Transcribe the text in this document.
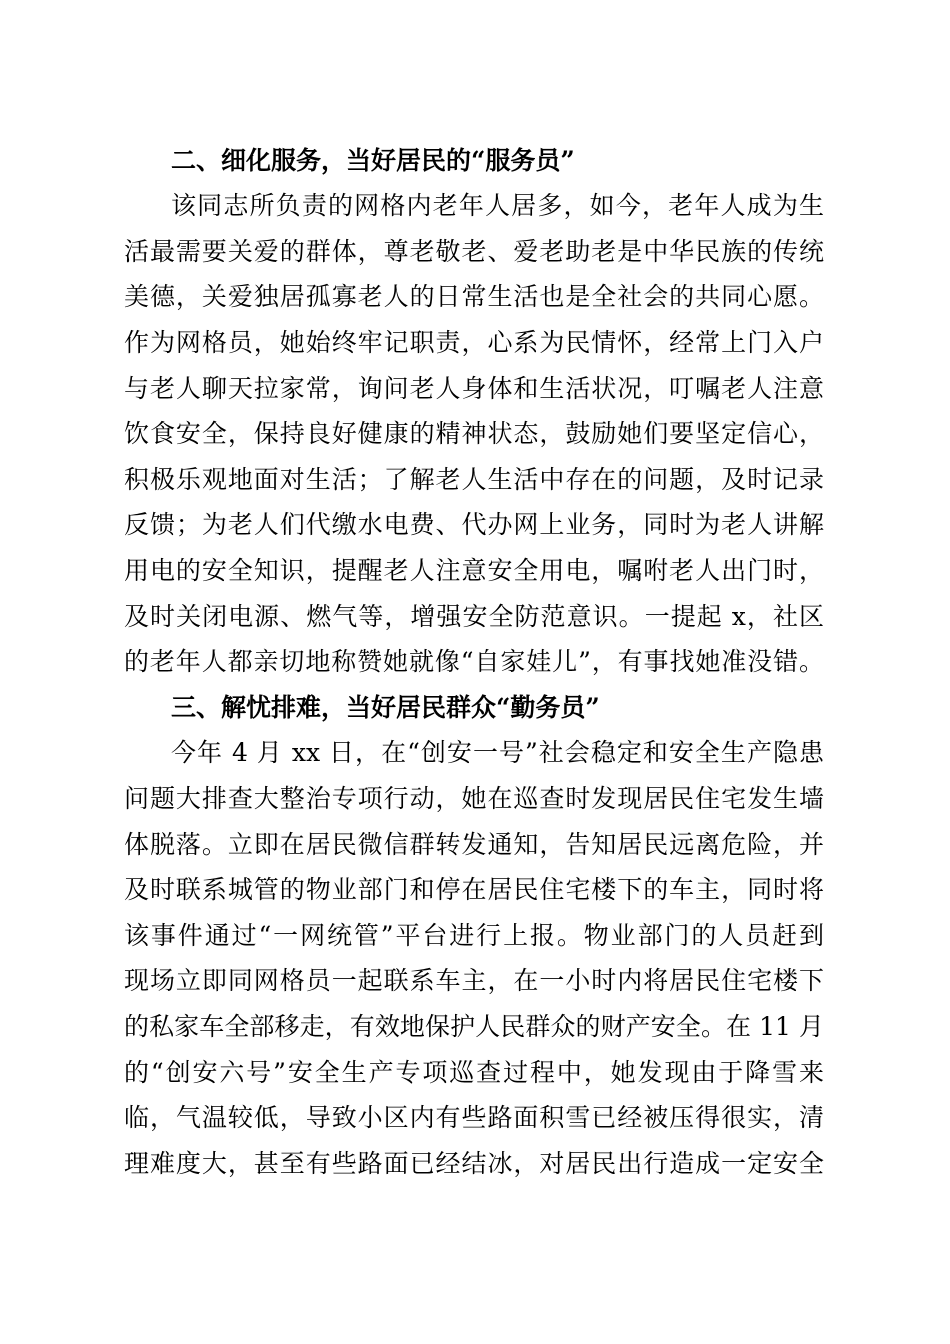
二、细化服务，当好居民的“服务员”
该同志所负责的网格内老年人居多，如今，老年人成为生
活最需要关爱的群体，尊老敬老、爱老助老是中华民族的传统
美德，关爱独居孤寡老人的日常生活也是全社会的共同心愿。
作为网格员，她始终牢记职责，心系为民情怀，经常上门入户
与老人聊天拉家常，询问老人身体和生活状况，叮嘱老人注意
饮食安全，保持良好健康的精神状态，鼓励她们要坚定信心，
积极乐观地面对生活；了解老人生活中存在的问题，及时记录
反馈；为老人们代缴水电费、代办网上业务，同时为老人讲解
用电的安全知识，提醒老人注意安全用电，嘱咐老人出门时，
及时关闭电源、燃气等，增强安全防范意识。一提起 x，社区
的老年人都亲切地称赞她就像“自家娃儿”，有事找她准没错。
三、解忧排难，当好居民群众“勤务员”
今年 4 月 xx 日，在“创安一号”社会稳定和安全生产隐患
问题大排查大整治专项行动，她在巡查时发现居民住宅发生墙
体脱落。立即在居民微信群转发通知，告知居民远离危险，并
及时联系城管的物业部门和停在居民住宅楼下的车主，同时将
该事件通过“一网统管”平台进行上报。物业部门的人员赶到
现场立即同网格员一起联系车主，在一小时内将居民住宅楼下
的私家车全部移走，有效地保护人民群众的财产安全。在 11 月
的“创安六号”安全生产专项巡查过程中，她发现由于降雪来
临，气温较低，导致小区内有些路面积雪已经被压得很实，清
理难度大，甚至有些路面已经结冰，对居民出行造成一定安全
